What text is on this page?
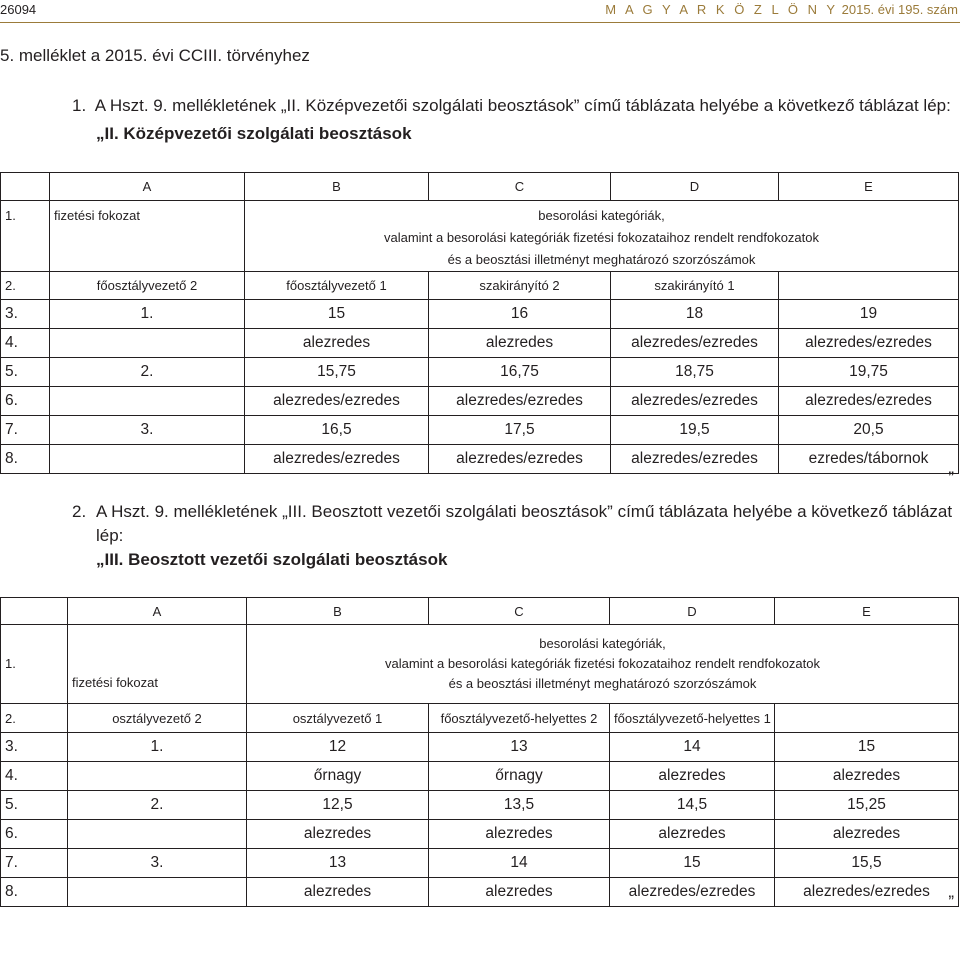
26094	M A G Y A R K Ö Z L Ö N Y 2015. évi 195. szám
5. melléklet a 2015. évi CCIII. törvényhez
1. A Hszt. 9. mellékletének „II. Középvezetői szolgálati beosztások” című táblázata helyébe a következő táblázat lép:
„II. Középvezetői szolgálati beosztások
	A	B	C	D	E
1.	fizetési fokozat	besorolási kategóriák,
valamint a besorolási kategóriák fizetési fokozataihoz rendelt rendfokozatok
és a beosztási illetményt meghatározó szorzószámok			

2.	főosztályvezető 2	főosztályvezető 1	szakirányító 2	szakirányító 1	
3.	1.	15	16	18	19
4.		alezredes	alezredes	alezredes/ezredes	alezredes/ezredes
5.	2.	15,75	16,75	18,75	19,75
6.		alezredes/ezredes	alezredes/ezredes	alezredes/ezredes	alezredes/ezredes
7.	3.	16,5	17,5	19,5	20,5
8.		alezredes/ezredes	alezredes/ezredes	alezredes/ezredes	ezredes/tábornok
”
2. A Hszt. 9. mellékletének „III. Beosztott vezetői szolgálati beosztások” című táblázata helyébe a következő táblázat
lép:
„III. Beosztott vezetői szolgálati beosztások
	A	B	C	D	E
1.	fizetési fokozat	besorolási kategóriák,
valamint a besorolási kategóriák fizetési fokozataihoz rendelt rendfokozatok
és a beosztási illetményt meghatározó szorzószámok			

2.	osztályvezető 2	osztályvezető 1	főosztályvezető-helyettes 2	főosztályvezető-helyettes 1	
3.	1.	12	13	14	15
4.		őrnagy	őrnagy	alezredes	alezredes
5.	2.	12,5	13,5	14,5	15,25
6.		alezredes	alezredes	alezredes	alezredes
7.	3.	13	14	15	15,5
8.		alezredes	alezredes	alezredes/ezredes	alezredes/ezredes
”
